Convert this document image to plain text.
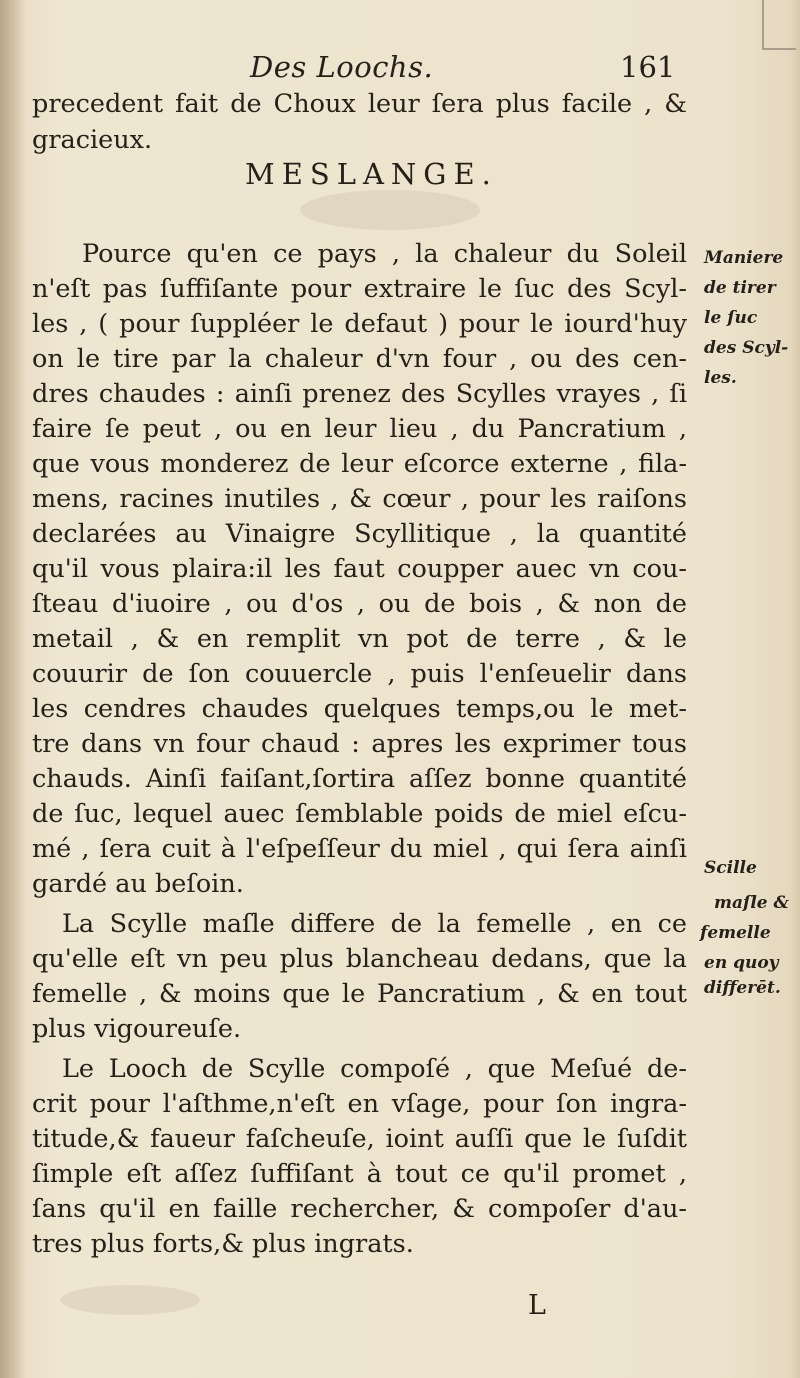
Des Loochs.	161
MESLANGE.
precedent fait de Choux leur ſera plus facile , &
gracieux.
Pource qu'en ce pays , la chaleur du Soleil
n'eſt pas ſuffiſante pour extraire le ſuc des Scyl-
les , ( pour ſuppléer le defaut ) pour le iourd'huy
on le tire par la chaleur d'vn four , ou des cen-
dres chaudes : ainſi prenez des Scylles vrayes , ſi
faire ſe peut , ou en leur lieu , du Pancratium ,
que vous monderez de leur eſcorce externe , fila-
mens, racines inutiles , & cœur , pour les raiſons
declarées au Vinaigre Scyllitique , la quantité
qu'il vous plaira:il les faut coupper auec vn cou-
ſteau d'iuoire , ou d'os , ou de bois , & non de
metail , & en remplit vn pot de terre , & le
couurir de ſon couuercle , puis l'enſeuelir dans
les cendres chaudes quelques temps,ou le met-
tre dans vn four chaud : apres les exprimer tous
chauds. Ainſi faiſant,ſortira aſſez bonne quantité
de ſuc, lequel auec ſemblable poids de miel eſcu-
mé , ſera cuit à l'eſpeſſeur du miel , qui ſera ainſi
gardé au beſoin.
La Scylle maſle differe de la femelle , en ce
qu'elle eſt vn peu plus blancheau dedans, que la
femelle , & moins que le Pancratium , & en tout
plus vigoureuſe.
Le Looch de Scylle compoſé , que Meſué de-
crit pour l'aſthme,n'eſt en vſage, pour ſon ingra-
titude,& faueur faſcheuſe, ioint auſſi que le ſuſdit
ſimple eſt aſſez ſuffiſant à tout ce qu'il promet ,
ſans qu'il en faille rechercher, & compoſer d'au-
tres plus forts,& plus ingrats.
Maniere
de tirer
le ſuc
des Scyl-
les.
Scille
maſle &
femelle
en quoy
differēt.
L
